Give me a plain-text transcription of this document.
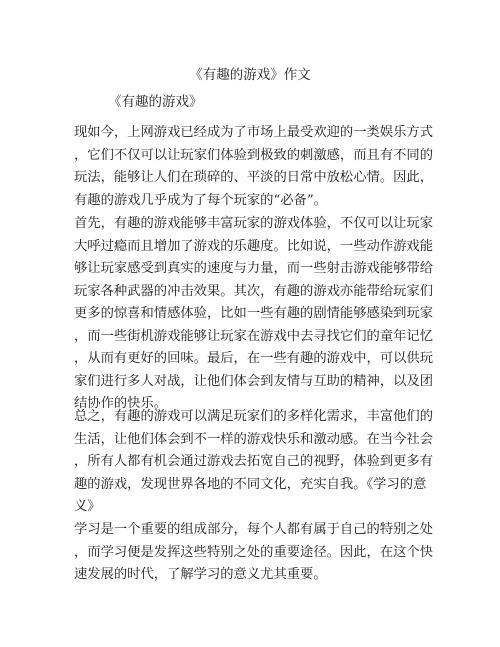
《有趣的游戏》作文
《有趣的游戏》
现如今，上网游戏已经成为了市场上最受欢迎的一类娱乐方式
，它们不仅可以让玩家们体验到极致的刺激感，而且有不同的
玩法，能够让人们在琐碎的、平淡的日常中放松心情。因此，
有趣的游戏几乎成为了每个玩家的“必备”。
首先，有趣的游戏能够丰富玩家的游戏体验，不仅可以让玩家
大呼过瘾而且增加了游戏的乐趣度。比如说，一些动作游戏能
够让玩家感受到真实的速度与力量，而一些射击游戏能够带给
玩家各种武器的冲击效果。其次，有趣的游戏亦能带给玩家们
更多的惊喜和情感体验，比如一些有趣的剧情能够感染到玩家
，而一些街机游戏能够让玩家在游戏中去寻找它们的童年记忆
，从而有更好的回味。最后，在一些有趣的游戏中，可以供玩
家们进行多人对战，让他们体会到友情与互助的精神，以及团
结协作的快乐。
总之，有趣的游戏可以满足玩家们的多样化需求，丰富他们的
生活，让他们体会到不一样的游戏快乐和激动感。在当今社会
，所有人都有机会通过游戏去拓宽自己的视野，体验到更多有
趣的游戏，发现世界各地的不同文化，充实自我。《学习的意
义》
学习是一个重要的组成部分，每个人都有属于自己的特别之处
，而学习便是发挥这些特别之处的重要途径。因此，在这个快
速发展的时代，了解学习的意义尤其重要。
